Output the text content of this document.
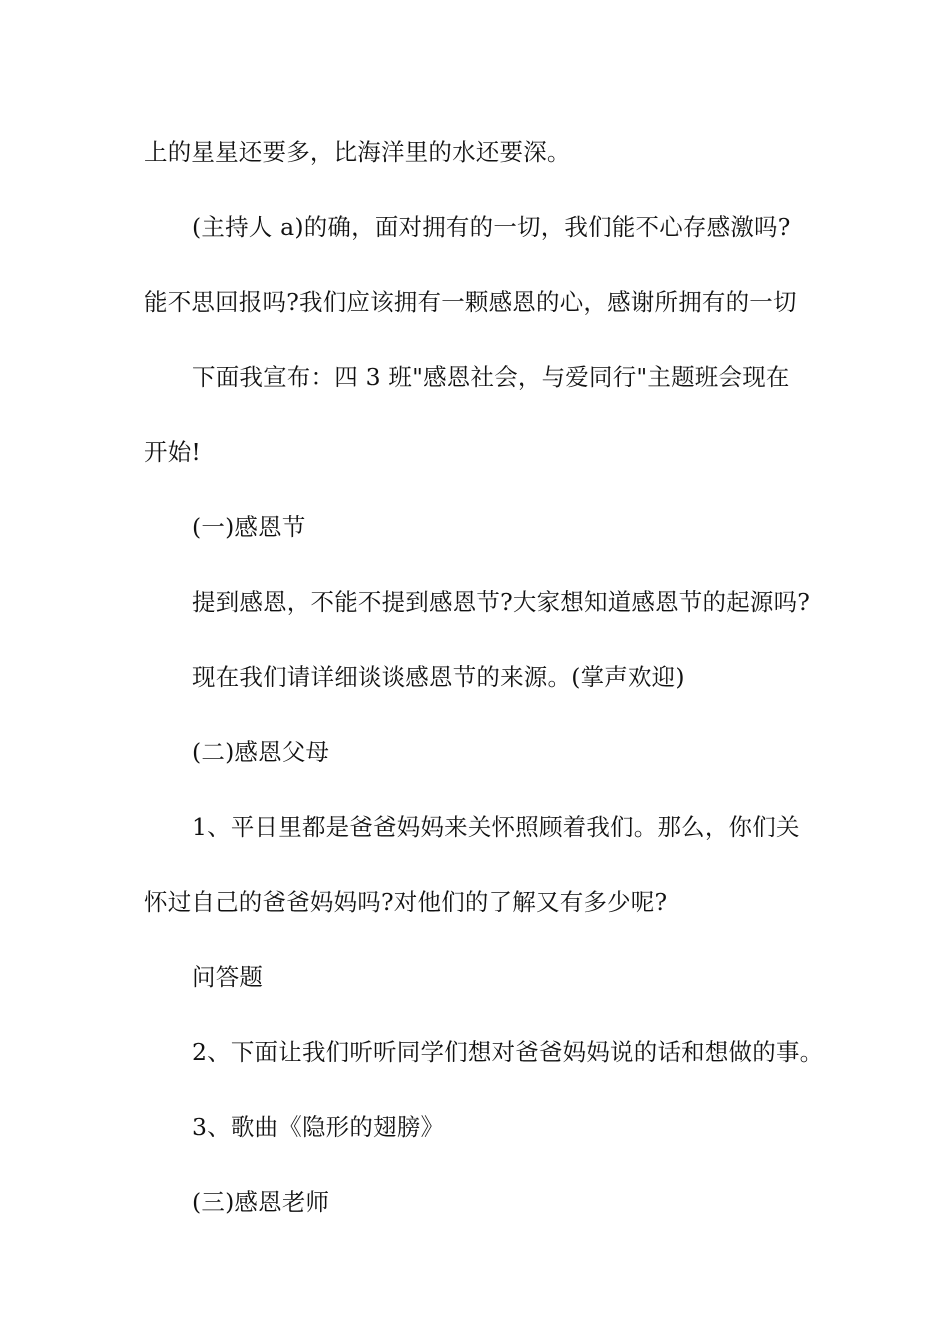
上的星星还要多，比海洋里的水还要深。
(主持人 a)的确，面对拥有的一切，我们能不心存感激吗?
能不思回报吗?我们应该拥有一颗感恩的心，感谢所拥有的一切
下面我宣布：四 3 班"感恩社会，与爱同行"主题班会现在
开始!
(一)感恩节
提到感恩，不能不提到感恩节?大家想知道感恩节的起源吗?
现在我们请详细谈谈感恩节的来源。(掌声欢迎)
(二)感恩父母
1、平日里都是爸爸妈妈来关怀照顾着我们。那么，你们关
怀过自己的爸爸妈妈吗?对他们的了解又有多少呢?
问答题
2、下面让我们听听同学们想对爸爸妈妈说的话和想做的事。
3、歌曲《隐形的翅膀》
(三)感恩老师
